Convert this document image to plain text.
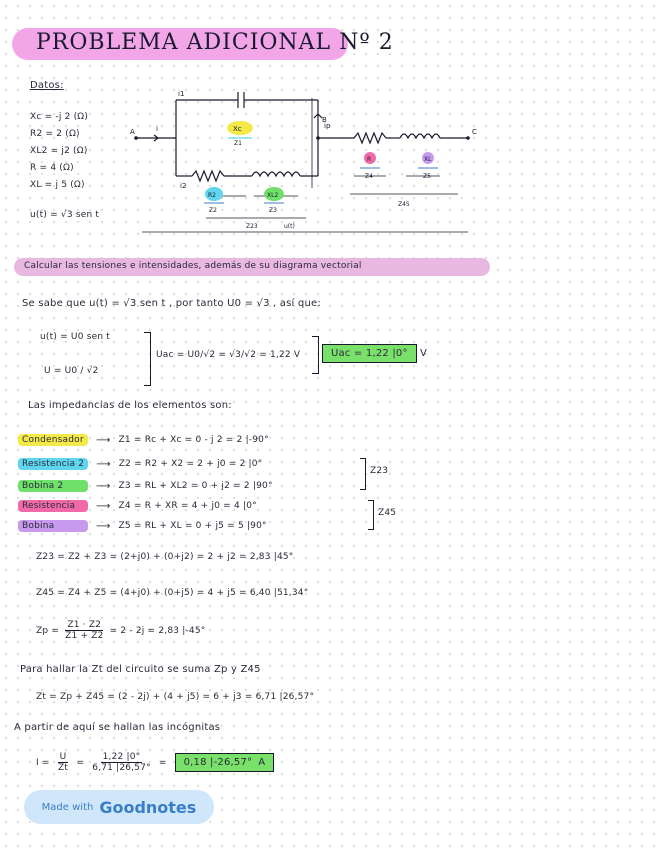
PROBLEMA ADICIONAL Nº 2
Datos:
Xc = -j 2 (Ω)
R2 = 2 (Ω)
XL2 = j2 (Ω)
R = 4 (Ω)
XL = j 5 (Ω)
u(t) = √3 sen t
A
B
C
i
i1
i2
ip
Xc
R2	XL2
R	XL
Z1
Z2	Z3
Z4	Z5
Z23
Z45
u(t)
Calcular las tensiones e intensidades, además de su diagrama vectorial
Se sabe que u(t) = √3 sen t , por tanto U0 = √3 , así que:
u(t) = U0 sen t
U = U0 / √2
Uac = U0/√2 = √3/√2 = 1,22 V	Uac = 1,22 |0°	V
Las impedancias de los elementos son:
Condensador	⟶ Z1 = Rc + Xc = 0 - j 2 = 2 |-90°
Resistencia 2	⟶ Z2 = R2 + X2 = 2 + j0 = 2 |0°
Bobina 2	⟶ Z3 = RL + XL2 = 0 + j2 = 2 |90°
Resistencia	⟶ Z4 = R + XR = 4 + j0 = 4 |0°
Bobina	⟶ Z5 = RL + XL = 0 + j5 = 5 |90°
Z23
Z45
Z23 = Z2 + Z3 = (2+j0) + (0+j2) = 2 + j2 = 2,83 |45°
Z45 = Z4 + Z5 = (4+j0) + (0+j5) = 4 + j5 = 6,40 |51,34°
$Zp = \frac{Z1 \cdot Z2}{Z1 + Z2} = 2 - 2j = 2,83$ |-45°
Para hallar la Zt del circuito se suma Zp y Z45
Zt = Zp + Z45 = (2 - 2j) + (4 + j5) = 6 + j3 = 6,71 |26,57°
A partir de aquí se hallan las incógnitas
$I = \frac{U}{Zt} = \frac{1,22 |0^\circ}{6,71 |26,57^\circ} = 0,18$ |-26,57° A
Made with Goodnotes
